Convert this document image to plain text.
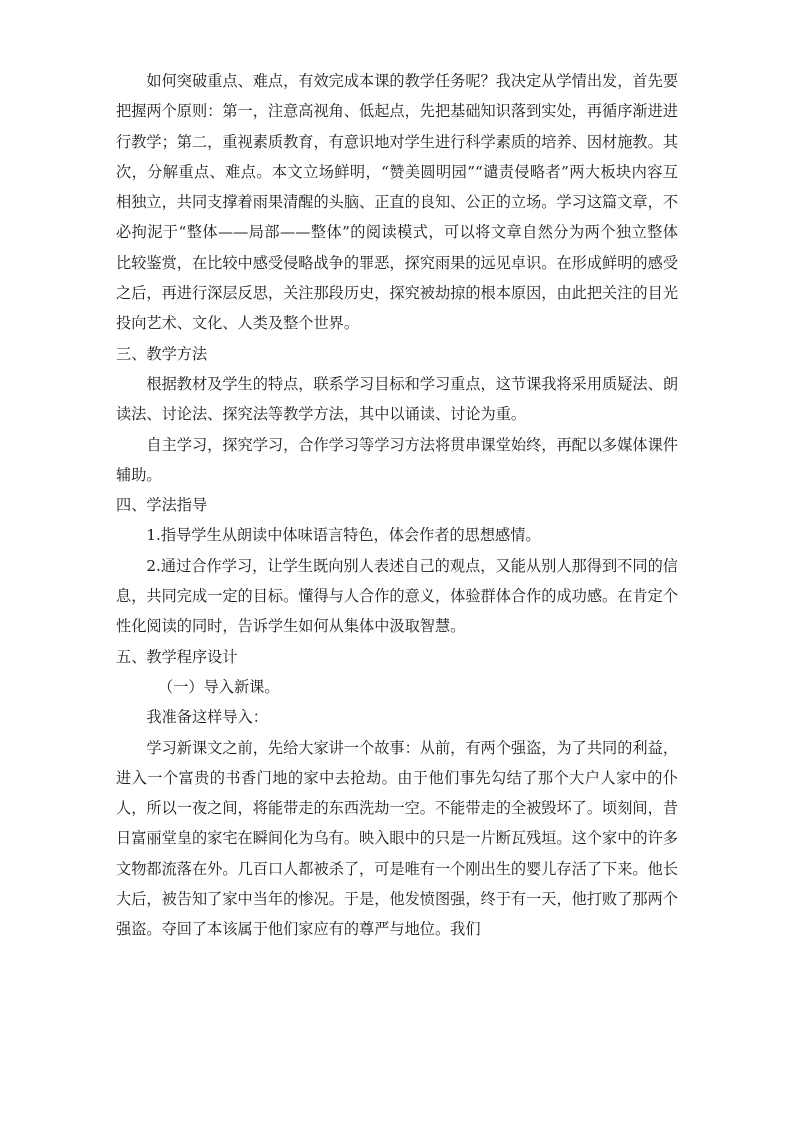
如何突破重点、难点，有效完成本课的教学任务呢？我决定从学情出发，首先要把握两个原则：第一，注意高视角、低起点，先把基础知识落到实处，再循序渐进进行教学；第二，重视素质教育，有意识地对学生进行科学素质的培养、因材施教。其次，分解重点、难点。本文立场鲜明，“赞美圆明园”“谴责侵略者”两大板块内容互相独立，共同支撑着雨果清醒的头脑、正直的良知、公正的立场。学习这篇文章，不必拘泥于“整体——局部——整体”的阅读模式，可以将文章自然分为两个独立整体比较鉴赏，在比较中感受侵略战争的罪恶，探究雨果的远见卓识。在形成鲜明的感受之后，再进行深层反思，关注那段历史，探究被劫掠的根本原因，由此把关注的目光投向艺术、文化、人类及整个世界。

三、教学方法

根据教材及学生的特点，联系学习目标和学习重点，这节课我将采用质疑法、朗读法、讨论法、探究法等教学方法，其中以诵读、讨论为重。

自主学习，探究学习，合作学习等学习方法将贯串课堂始终，再配以多媒体课件辅助。

四、学法指导

1.指导学生从朗读中体味语言特色，体会作者的思想感情。

2.通过合作学习，让学生既向别人表述自己的观点，又能从别人那得到不同的信息，共同完成一定的目标。懂得与人合作的意义，体验群体合作的成功感。在肯定个性化阅读的同时，告诉学生如何从集体中汲取智慧。

五、教学程序设计

（一）导入新课。

我准备这样导入：

学习新课文之前，先给大家讲一个故事：从前，有两个强盗，为了共同的利益，进入一个富贵的书香门地的家中去抢劫。由于他们事先勾结了那个大户人家中的仆人，所以一夜之间，将能带走的东西洗劫一空。不能带走的全被毁坏了。顷刻间，昔日富丽堂皇的家宅在瞬间化为乌有。映入眼中的只是一片断瓦残垣。这个家中的许多文物都流落在外。几百口人都被杀了，可是唯有一个刚出生的婴儿存活了下来。他长大后，被告知了家中当年的惨况。于是，他发愤图强，终于有一天，他打败了那两个强盗。夺回了本该属于他们家应有的尊严与地位。我们
